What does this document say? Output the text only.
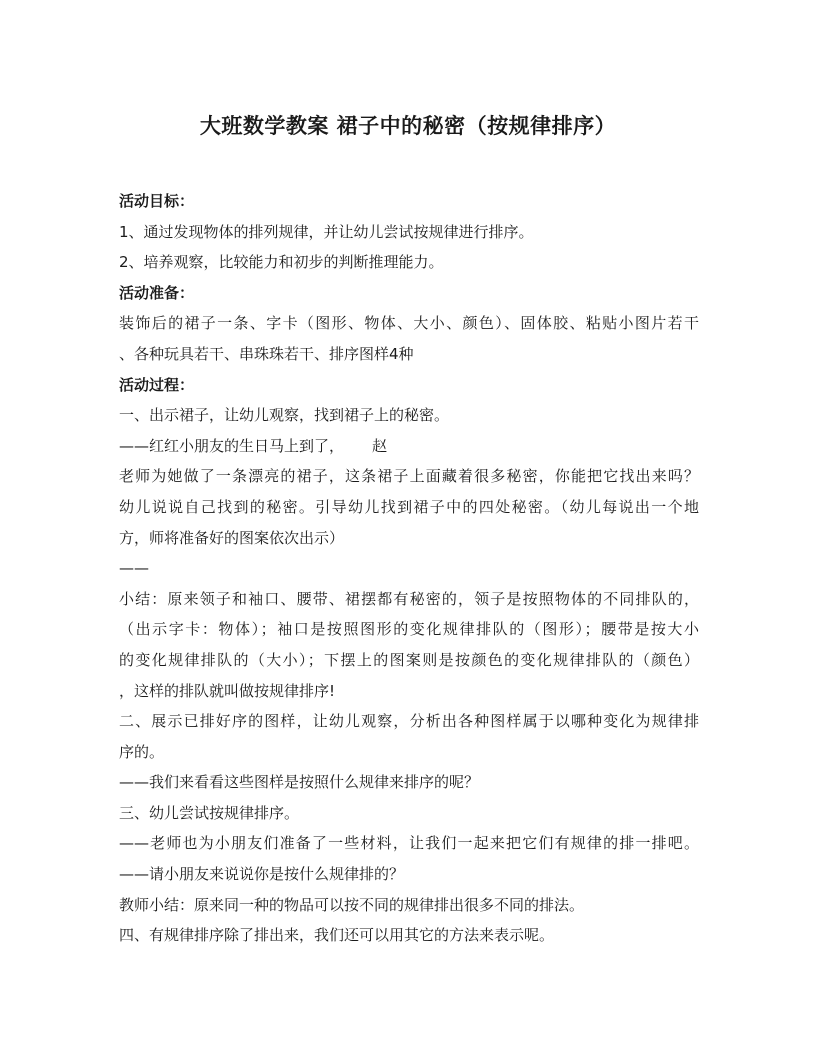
大班数学教案 裙子中的秘密（按规律排序）
活动目标：
1、通过发现物体的排列规律，并让幼儿尝试按规律进行排序。
2、培养观察，比较能力和初步的判断推理能力。
活动准备：
装饰后的裙子一条、字卡（图形、物体、大小、颜色）、固体胶、粘贴小图片若干
、各种玩具若干、串珠珠若干、排序图样4种
活动过程：
一、出示裙子，让幼儿观察，找到裙子上的秘密。
——红红小朋友的生日马上到了， 赵
老师为她做了一条漂亮的裙子，这条裙子上面藏着很多秘密，你能把它找出来吗？
幼儿说说自己找到的秘密。引导幼儿找到裙子中的四处秘密。（幼儿每说出一个地
方，师将准备好的图案依次出示）
——
小结：原来领子和袖口、腰带、裙摆都有秘密的，领子是按照物体的不同排队的，
（出示字卡：物体）；袖口是按照图形的变化规律排队的（图形）；腰带是按大小
的变化规律排队的（大小）；下摆上的图案则是按颜色的变化规律排队的（颜色）
，这样的排队就叫做按规律排序!
二、展示已排好序的图样，让幼儿观察，分析出各种图样属于以哪种变化为规律排
序的。
——我们来看看这些图样是按照什么规律来排序的呢？
三、幼儿尝试按规律排序。
——老师也为小朋友们准备了一些材料，让我们一起来把它们有规律的排一排吧。
——请小朋友来说说你是按什么规律排的？
教师小结：原来同一种的物品可以按不同的规律排出很多不同的排法。
四、有规律排序除了排出来，我们还可以用其它的方法来表示呢。
